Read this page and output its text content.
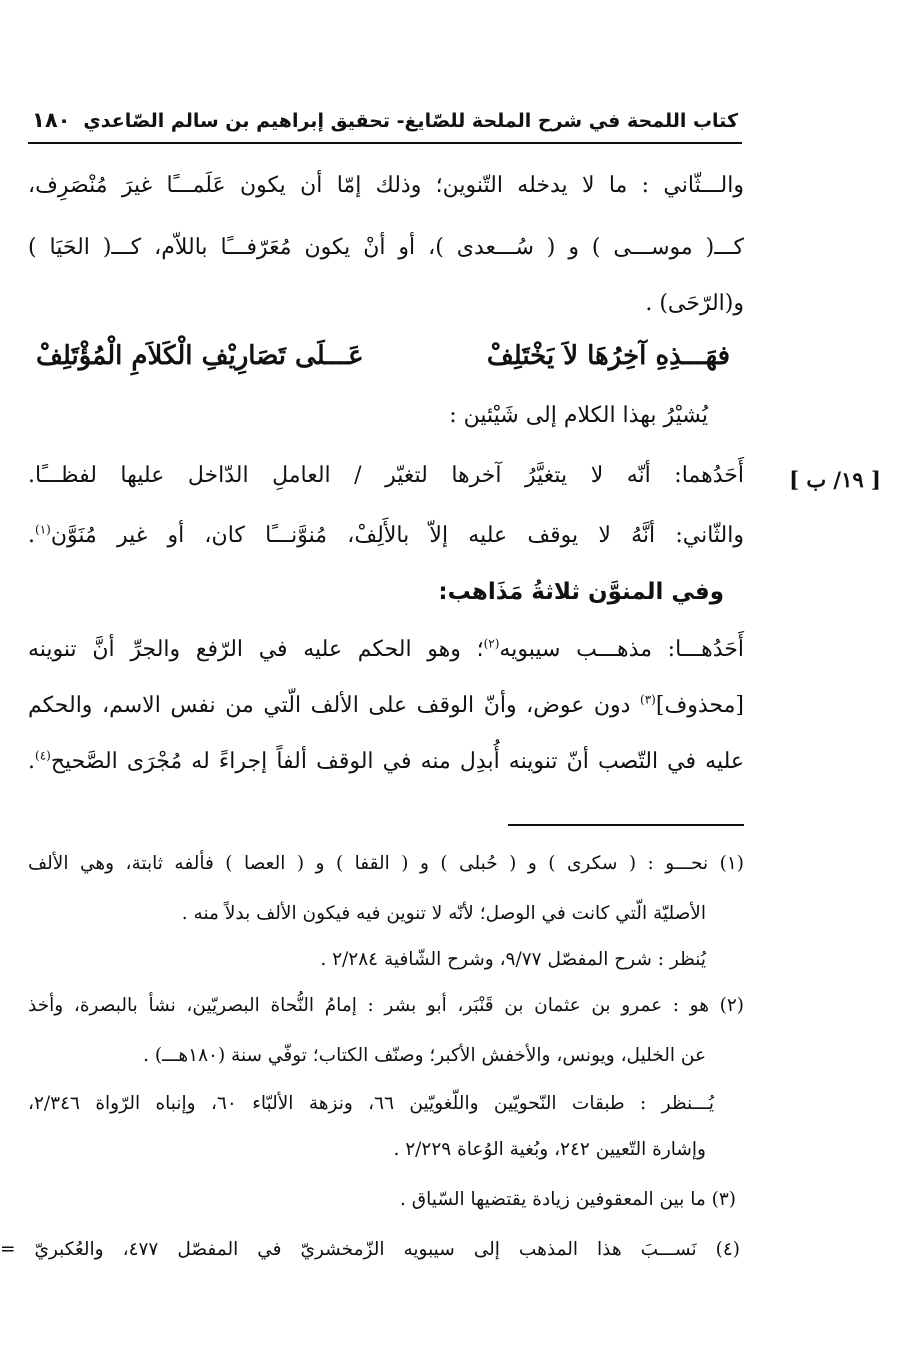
كتاب اللمحة في شرح الملحة للصّايغ- تحقيق إبراهيم بن سالم الصّاعدي
١٨٠
والـــثّاني : ما لا يدخله التّنوين؛ وذلك إمّا أن يكون عَلَمـــًا غيرَ مُنْصَرِف،
كـــ( موســـى ) و ( سُـــعدى )، أو أنْ يكون مُعَرّفـــًا باللاّم، كـــ( الحَيَا )
و(الرّحَى) .
فهَـــذِهِ آخِرُهَا لاَ يَخْتَلِفْ
عَـــلَى تَصَارِيْفِ الْكَلاَمِ الْمُؤْتَلِفْ
يُشيْرُ بهذا الكلام إلى شَيْئين :
أَحَدُهما: أنّه لا يتغيَّرُ آخرها لتغيّر / العاملِ الدّاخل عليها لفظـــًا.	[ ١٩/ ب ]
والثّاني: أنَّهُ لا يوقف عليه إلاّ بالأَلِفْ، مُنوَّنـــًا كان، أو غير مُنَوَّن$^{(١)}$.
وفي المنوَّن ثلاثةُ مَذَاهب:
أَحَدُهـــا: مذهـــب سيبويه$^{(٢)}$؛ وهو الحكم عليه في الرّفع والجرِّ أنَّ تنوينه
[محذوف]$^{(٣)}$ دون عوض، وأنّ الوقف على الألف الّتي من نفس الاسم، والحكم
عليه في التّصب أنّ تنوينه أُبدِل منه في الوقف ألفاً إجراءً له مُجْرَى الصَّحيح$^{(٤)}$.
(١) نحـــو : ( سكرى ) و ( حُبلى ) و ( القفا ) و ( العصا ) فألفه ثابتة، وهي الألف
الأصليّة الّتي كانت في الوصل؛ لأنّه لا تنوين فيه فيكون الألف بدلاً منه .
يُنظر : شرح المفصّل ٩/٧٧، وشرح الشّافية ٢/٢٨٤ .
(٢) هو : عمرو بن عثمان بن قَنْبَر، أبو بشر : إمامُ النُّحاة البصريّين، نشأ بالبصرة، وأخذ
عن الخليل، ويونس، والأخفش الأكبر؛ وصنّف الكتاب؛ توفّي سنة (١٨٠هـــ) .
يُـــنظر : طبقات النّحويّين واللّغويّين ٦٦، ونزهة الألبّاء ٦٠، وإنباه الرّواة ٢/٣٤٦،
وإشارة التّعيين ٢٤٢، وبُغية الوُعاة ٢/٢٢٩ .
(٣) ما بين المعقوفين زيادة يقتضيها السّياق .
(٤) نَســـبَ هذا المذهب إلى سيبويه الزّمخشريّ في المفصّل ٤٧٧، والعُكبريّ =
